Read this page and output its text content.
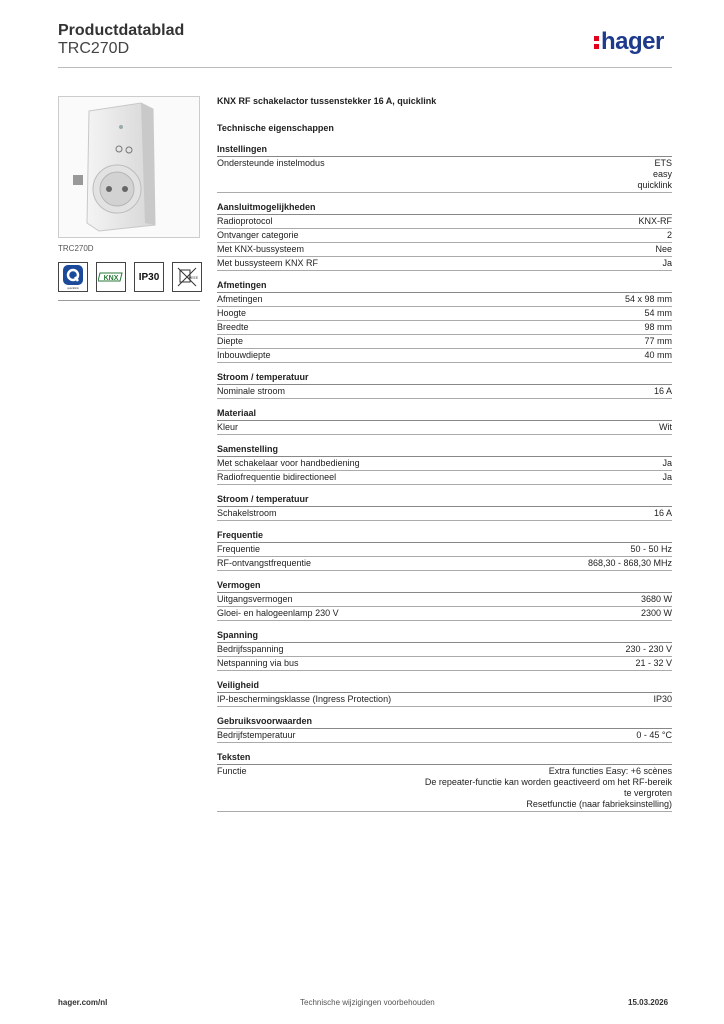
Productdatablad
TRC270D	hager
TRC270D
quicklink
KNX	IP30	WEEE
KNX RF schakelactor tussenstekker 16 A, quicklink
Technische eigenschappen
Instellingen
Ondersteunde instelmodus	ETS
easy
quicklink
Aansluitmogelijkheden
Radioprotocol	KNX-RF
Ontvanger categorie	2
Met KNX-bussysteem	Nee
Met bussysteem KNX RF	Ja
Afmetingen
Afmetingen	54 x 98 mm
Hoogte	54 mm
Breedte	98 mm
Diepte	77 mm
Inbouwdiepte	40 mm
Stroom / temperatuur
Nominale stroom	16 A
Materiaal
Kleur	Wit
Samenstelling
Met schakelaar voor handbediening	Ja
Radiofrequentie bidirectioneel	Ja
Stroom / temperatuur
Schakelstroom	16 A
Frequentie
Frequentie	50 - 50 Hz
RF-ontvangstfrequentie	868,30 - 868,30 MHz
Vermogen
Uitgangsvermogen	3680 W
Gloei- en halogeenlamp 230 V	2300 W
Spanning
Bedrijfsspanning	230 - 230 V
Netspanning via bus	21 - 32 V
Veiligheid
IP-beschermingsklasse (Ingress Protection)	IP30
Gebruiksvoorwaarden
Bedrijfstemperatuur	0 - 45 °C
Teksten
Functie	Extra functies Easy: +6 scènes
De repeater-functie kan worden geactiveerd om het RF-bereik
te vergroten
Resetfunctie (naar fabrieksinstelling)
hager.com/nl	Technische wijzigingen voorbehouden	15.03.2026
